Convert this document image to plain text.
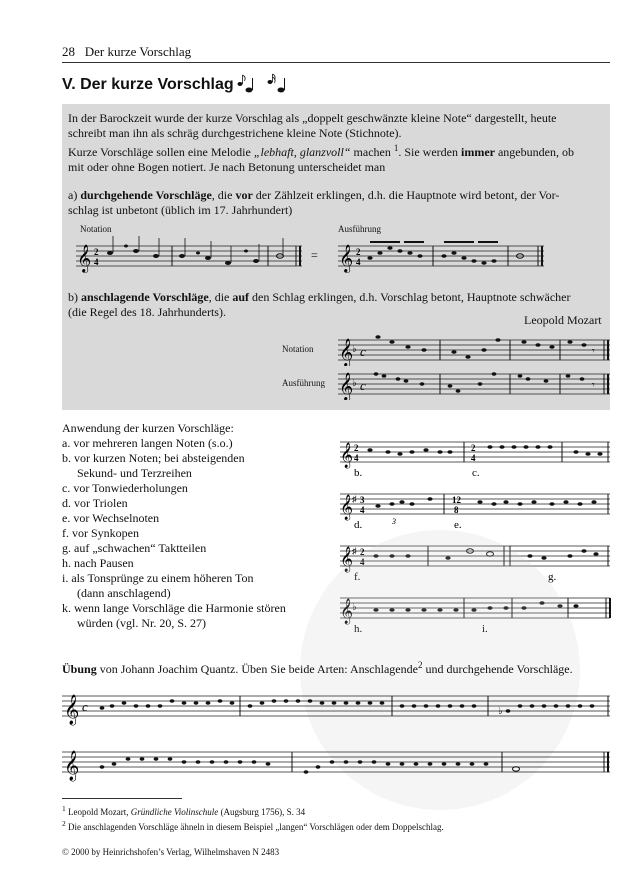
28 Der kurze Vorschlag
V. Der kurze Vorschlag
In der Barockzeit wurde der kurze Vorschlag als „doppelt geschwänzte kleine Note“ dargestellt, heute
schreibt man ihn als schräg durchgestrichene kleine Note (Stichnote).
Kurze Vorschläge sollen eine Melodie „lebhaft, glanzvoll“ machen $^1$. Sie werden immer angebunden, ob
mit oder ohne Bogen notiert. Je nach Betonung unterscheidet man
a) durchgehende Vorschläge, die vor der Zählzeit erklingen, d.h. die Hauptnote wird betont, der Vor-
schlag ist unbetont (üblich im 17. Jahrhundert)
Notation	Ausführung
=
𝄞 2
4	𝄞 2
4
b) anschlagende Vorschläge, die auf den Schlag erklingen, d.h. Vorschlag betont, Hauptnote schwächer
(die Regel des 18. Jahrhunderts).
Leopold Mozart
Notation
Ausführung
𝄞
♭ c	𝄾
𝄞
♭ c	𝄾
Anwendung der kurzen Vorschläge:
a. vor mehreren langen Noten (s.o.)
b. vor kurzen Noten; bei absteigenden
Sekund- und Terzreihen
c. vor Tonwiederholungen
d. vor Triolen
e. vor Wechselnoten
f. vor Synkopen
g. auf „schwachen“ Taktteilen
h. nach Pausen
i. als Tonsprünge zu einem höheren Ton
(dann anschlagend)
k. wenn lange Vorschläge die Harmonie stören
würden (vgl. Nr. 20, S. 27)
𝄞 2
4
2
4
b.	c.
𝄞
♯ 3
4
12
8
3
d.	e.
𝄞
♯ 2
4
f.	g.
𝄞
♭
h.	i.
Übung von Johann Joachim Quantz. Üben Sie beide Arten: Anschlagende$^2$ und durchgehende Vorschläge.
𝄞 c	♭
𝄞
$^1$ Leopold Mozart, Gründliche Violinschule (Augsburg 1756), S. 34
$^2$ Die anschlagenden Vorschläge ähneln in diesem Beispiel „langen“ Vorschlägen oder dem Doppelschlag.
© 2000 by Heinrichshofen’s Verlag, Wilhelmshaven N 2483
